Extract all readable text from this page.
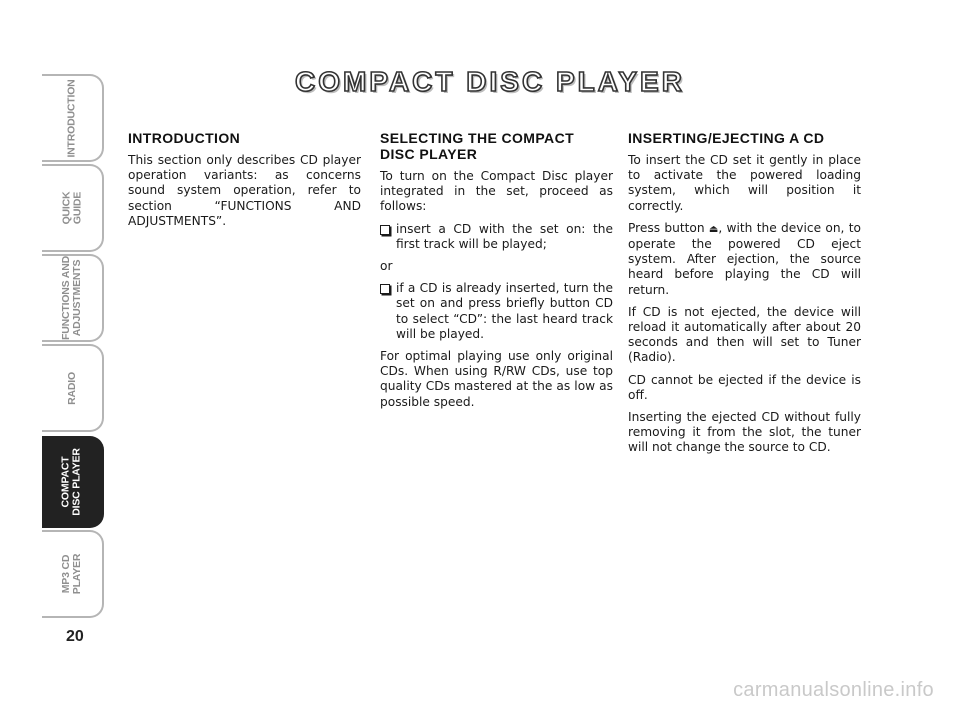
INTRODUCTION
QUICK
GUIDE
FUNCTIONS AND
ADJUSTMENTS
RADIO
COMPACT
DISC PLAYER
MP3 CD
PLAYER
20
COMPACT DISC PLAYER
INTRODUCTION

This section only describes CD player operation variants: as concerns sound system operation, refer to section “FUNCTIONS AND ADJUSTMENTS”.

SELECTING THE COMPACT DISC PLAYER

To turn on the Compact Disc player integrated in the set, proceed as follows:

insert a CD with the set on: the first track will be played;

or

if a CD is already inserted, turn the set on and press briefly button CD to select “CD”: the last heard track will be played.

For optimal playing use only original CDs. When using R/RW CDs, use top quality CDs mastered at the as low as possible speed.

INSERTING/EJECTING A CD

To insert the CD set it gently in place to activate the powered loading system, which will position it correctly.

Press button ⏏, with the device on, to operate the powered CD eject system. After ejection, the source heard before playing the CD will return.

If CD is not ejected, the device will reload it automatically after about 20 seconds and then will set to Tuner (Radio).

CD cannot be ejected if the device is off.

Inserting the ejected CD without fully removing it from the slot, the tuner will not change the source to CD.

carmanualsonline.info
